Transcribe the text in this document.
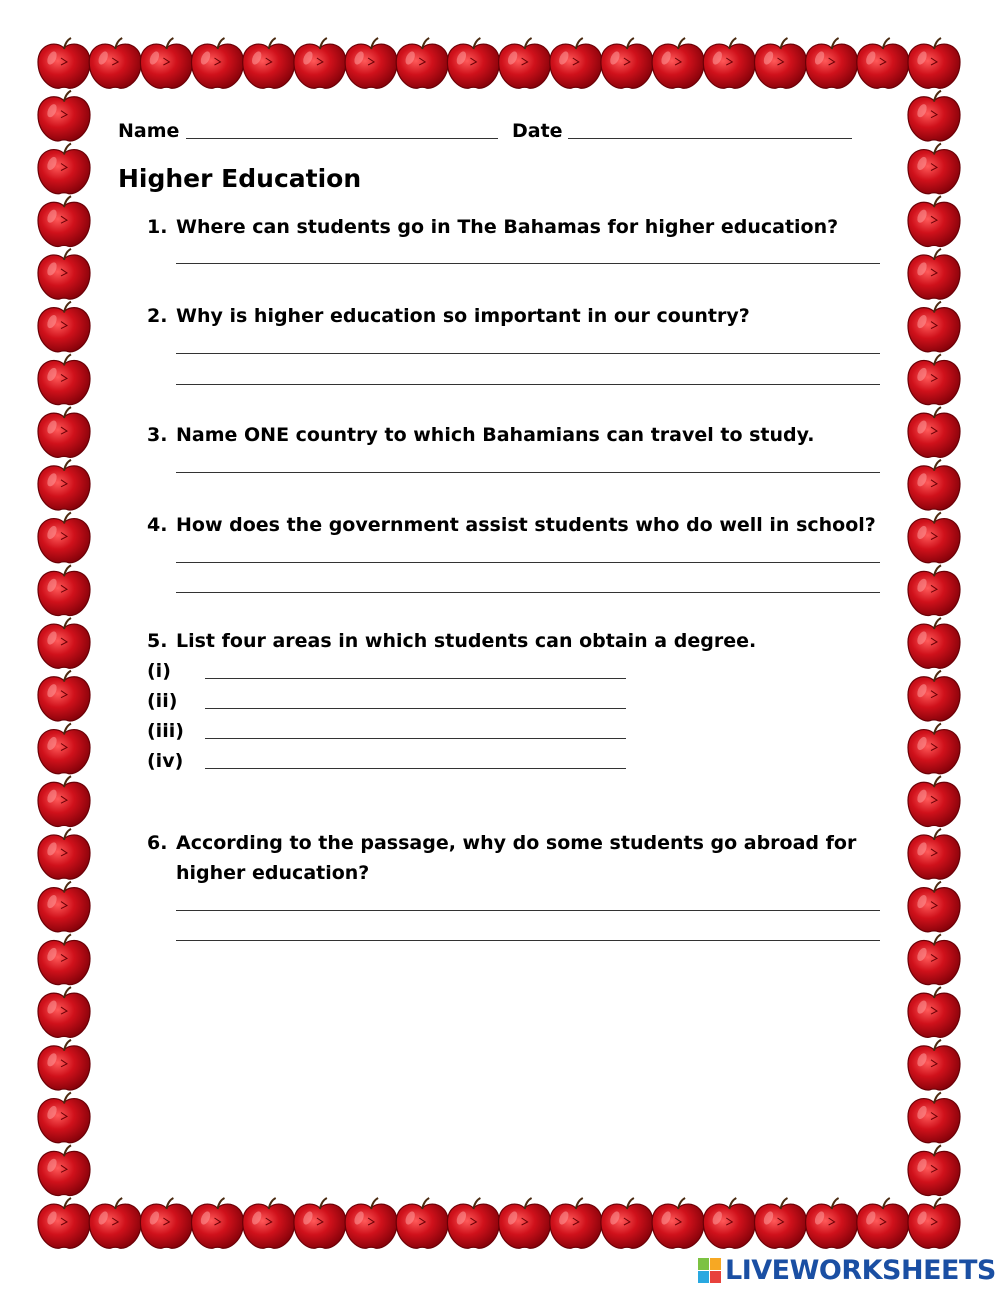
Name	Date
Higher Education
1. Where can students go in The Bahamas for higher education?
2. Why is higher education so important in our country?
3. Name ONE country to which Bahamians can travel to study.
4. How does the government assist students who do well in school?
5. List four areas in which students can obtain a degree.
(i)
(ii)
(iii)
(iv)
6. According to the passage, why do some students go abroad for
higher education?
LIVEWORKSHEETS
